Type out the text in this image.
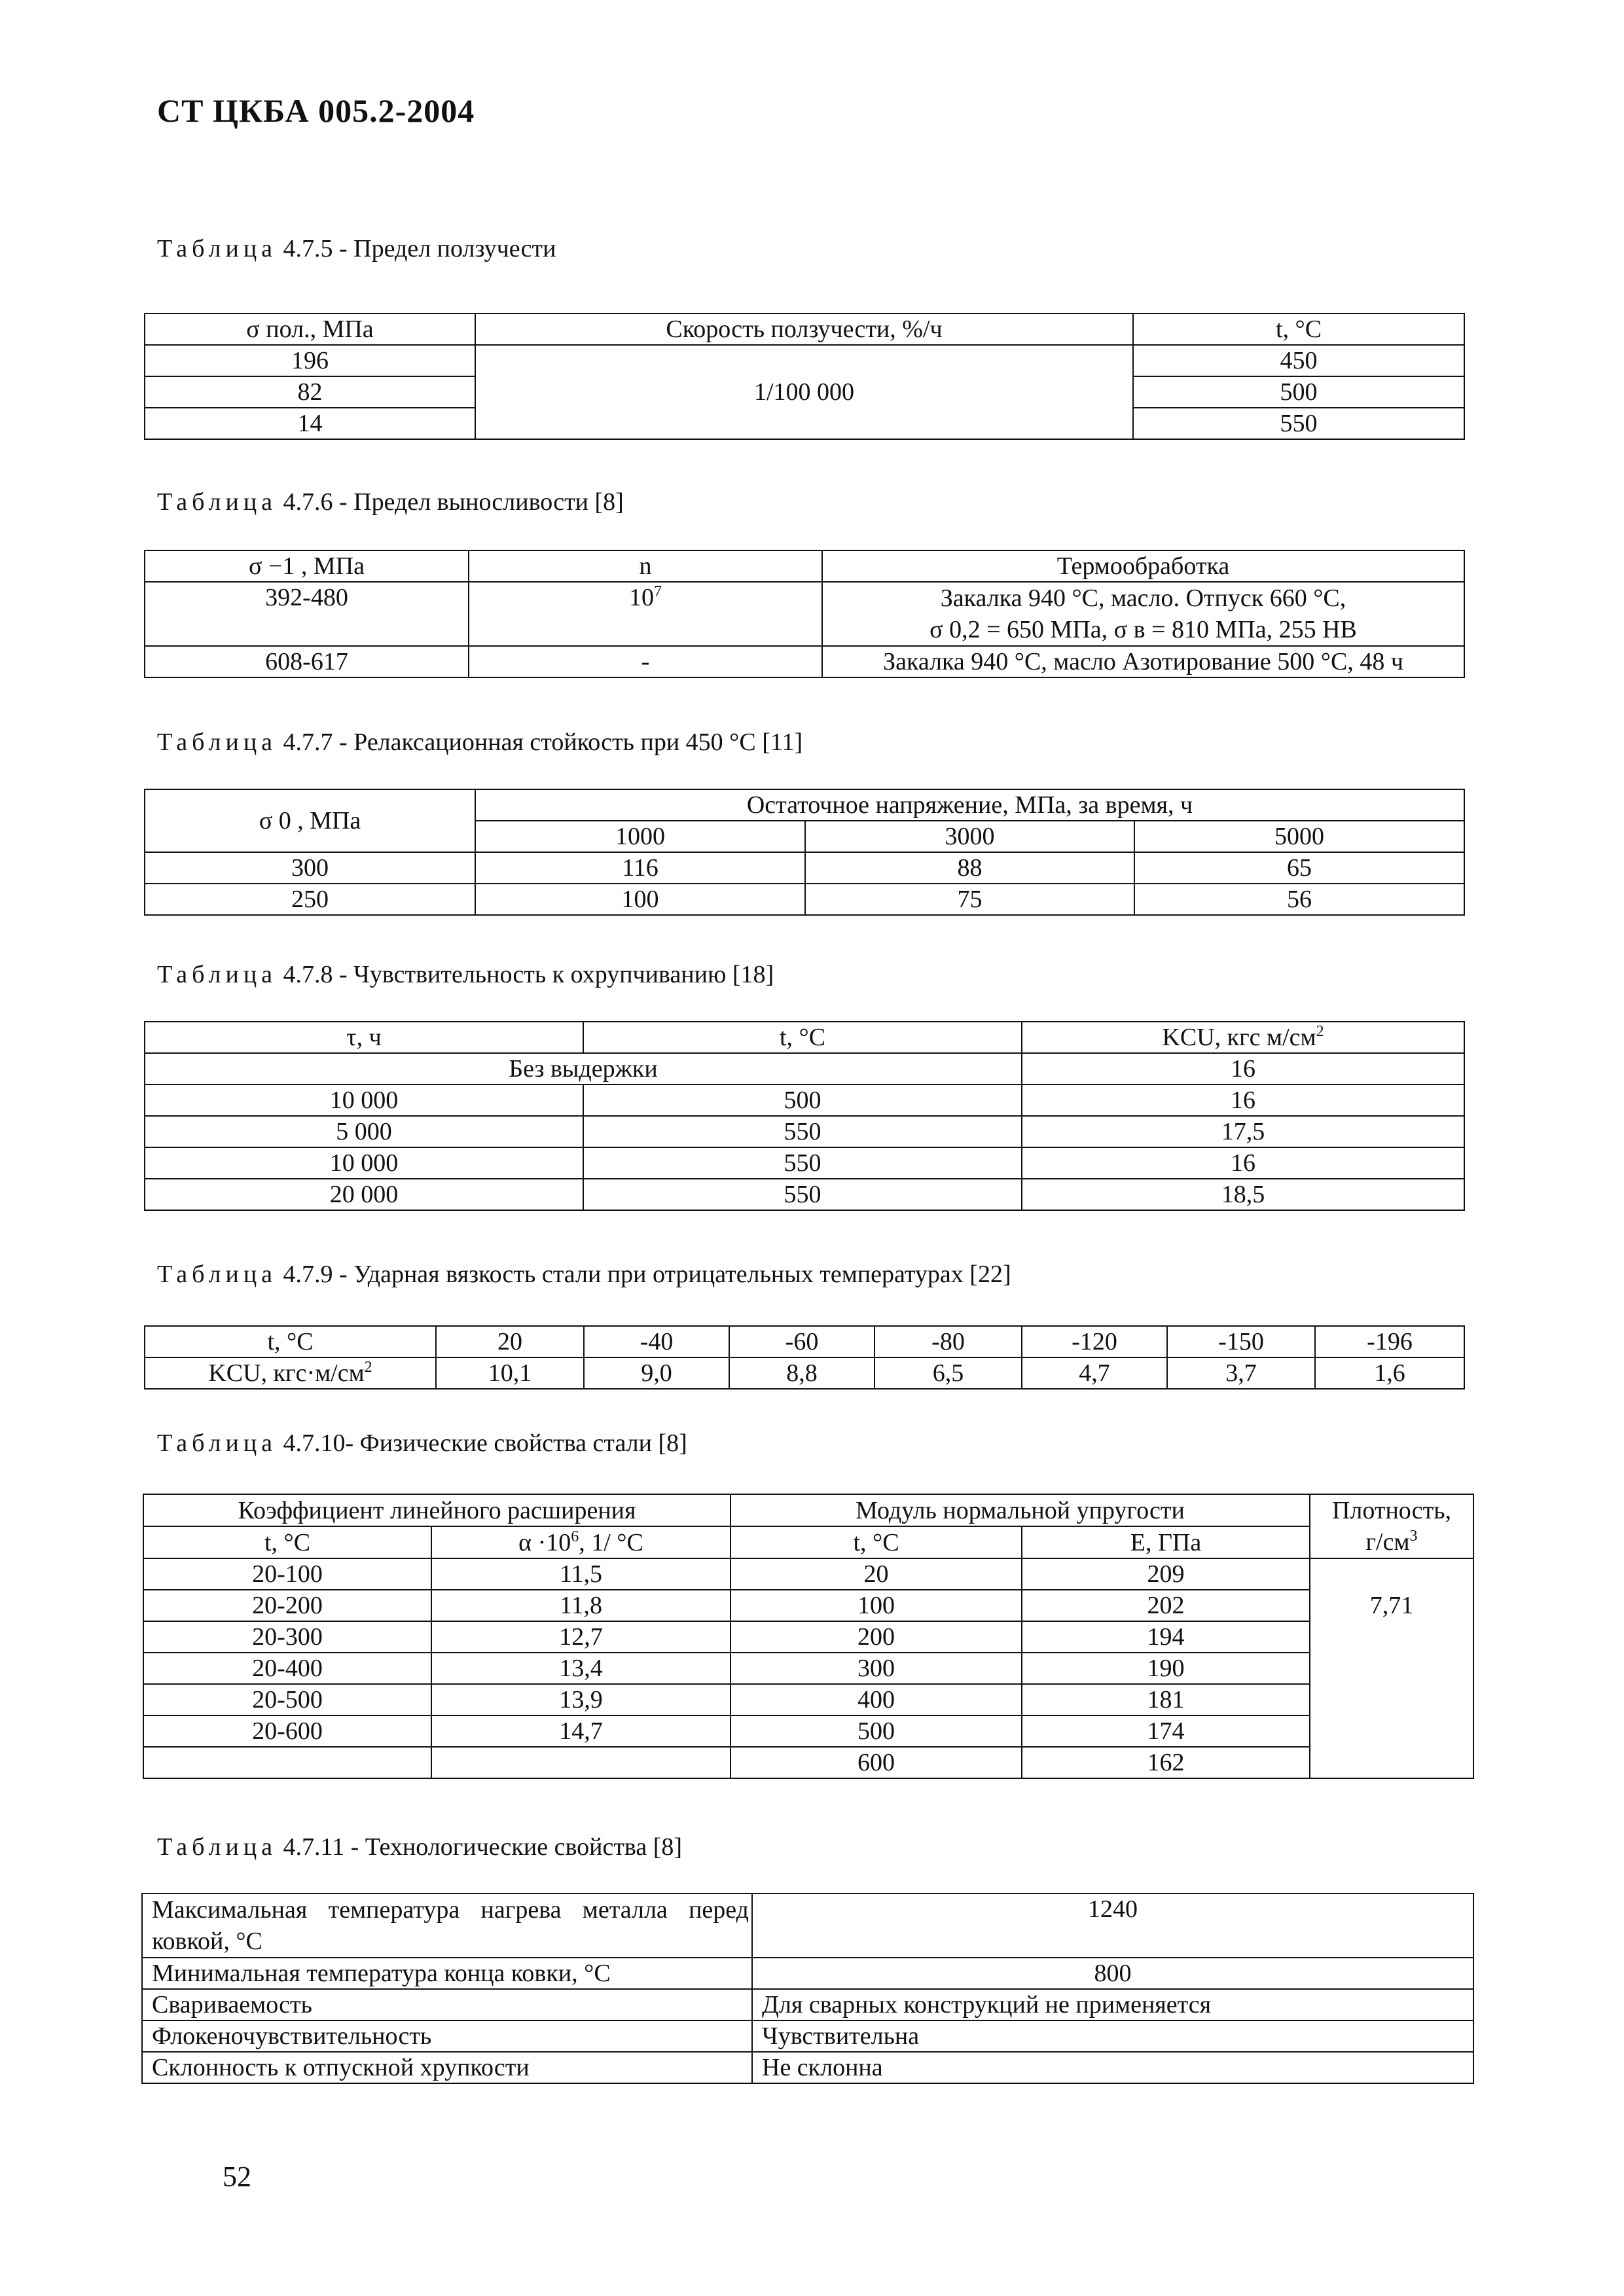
СТ ЦКБА 005.2-2004
Таблица 4.7.5 - Предел ползучести
σ пол., МПа	Скорость ползучести, %/ч	t, °C
196	1/100 000	450
82		500
14		550
Таблица 4.7.6 - Предел выносливости [8]
σ −1 , МПа	n	Термообработка
392-480	$10^7$	Закалка 940 °C, масло. Отпуск 660 °C,
σ 0,2 = 650 МПа, σ в = 810 МПа, 255 НВ

608-617	-	Закалка 940 °C, масло Азотирование 500 °C, 48 ч
Таблица 4.7.7 - Релаксационная стойкость при 450 °C [11]
σ 0 , МПа	Остаточное напряжение, МПа, за время, ч		
	1000	3000	5000
300	116	88	65
250	100	75	56
Таблица 4.7.8 - Чувствительность к охрупчиванию [18]
τ, ч	t, °C	KCU, кгс $м/см^2$
Без выдержки		16
10 000	500	16
5 000	550	17,5
10 000	550	16
20 000	550	18,5
Таблица 4.7.9 - Ударная вязкость стали при отрицательных температурах [22]
t, °C	20	-40	-60	-80	-120	-150	-196
KCU, $кгс\cdot м/см^2$	10,1	9,0	8,8	6,5	4,7	3,7	1,6
Таблица 4.7.10- Физические свойства стали [8]
Коэффициент линейного расширения		Модуль нормальной упругости		Плотность,
$г/см^3$

t, °C	$\alpha \cdot 10^6$, 1/ °C	t, °C	E, ГПа	
20-100	11,5	20	209	7,71
20-200	11,8	100	202	
20-300	12,7	200	194	
20-400	13,4	300	190	
20-500	13,9	400	181	
20-600	14,7	500	174	
		600	162	
Таблица 4.7.11 - Технологические свойства [8]
Максимальная температура нагрева металла перед ковкой, °C	1240
Минимальная температура конца ковки, °C	800
Свариваемость	Для сварных конструкций не применяется
Флокеночувствительность	Чувствительна
Склонность к отпускной хрупкости	Не склонна
52
